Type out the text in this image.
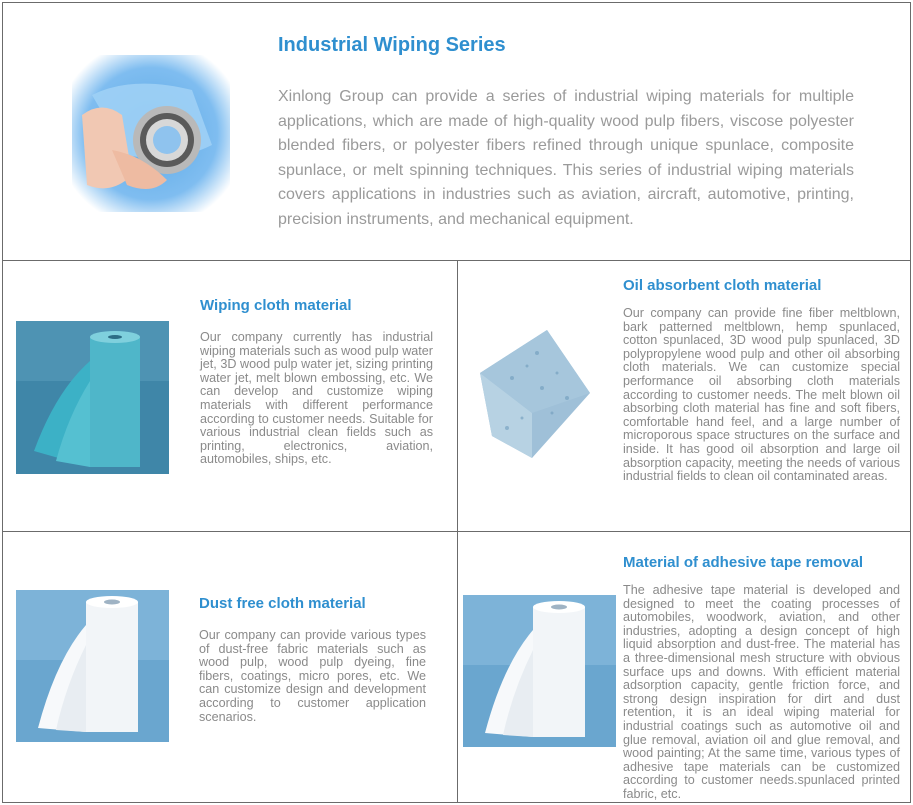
Industrial Wiping Series

Xinlong Group can provide a series of industrial wiping materials for multiple applications, which are made of high-quality wood pulp fibers, viscose polyester blended fibers, or polyester fibers refined through unique spunlace, composite spunlace, or melt spinning techniques. This series of industrial wiping materials covers applications in industries such as aviation, aircraft, automotive, printing, precision instruments, and mechanical equipment.

Wiping cloth material

Our company currently has industrial wiping materials such as wood pulp water jet, 3D wood pulp water jet, sizing printing water jet, melt blown embossing, etc. We can develop and customize wiping materials with different performance according to customer needs. Suitable for various industrial clean fields such as printing, electronics, aviation, automobiles, ships, etc.

Oil absorbent cloth material

Our company can provide fine fiber meltblown, bark patterned meltblown, hemp spunlaced, cotton spunlaced, 3D wood pulp spunlaced, 3D polypropylene wood pulp and other oil absorbing cloth materials. We can customize special performance oil absorbing cloth materials according to customer needs. The melt blown oil absorbing cloth material has fine and soft fibers, comfortable hand feel, and a large number of microporous space structures on the surface and inside. It has good oil absorption and large oil absorption capacity, meeting the needs of various industrial fields to clean oil contaminated areas.

Dust free cloth material

Our company can provide various types of dust-free fabric materials such as wood pulp, wood pulp dyeing, fine fibers, coatings, micro pores, etc. We can customize design and development according to customer application scenarios.

Material of adhesive tape removal

The adhesive tape material is developed and designed to meet the coating processes of automobiles, woodwork, aviation, and other industries, adopting a design concept of high liquid absorption and dust-free. The material has a three-dimensional mesh structure with obvious surface ups and downs. With efficient material adsorption capacity, gentle friction force, and strong design inspiration for dirt and dust retention, it is an ideal wiping material for industrial coatings such as automotive oil and glue removal, aviation oil and glue removal, and wood painting; At the same time, various types of adhesive tape materials can be customized according to customer needs.spunlaced printed fabric, etc.
